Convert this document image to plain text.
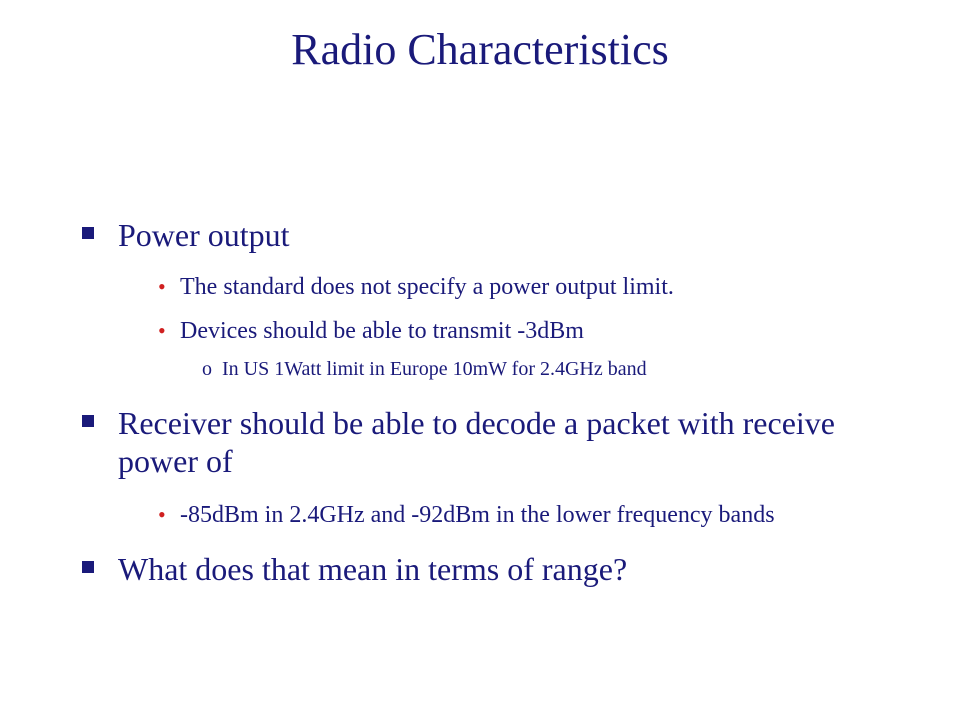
Radio Characteristics
Power output
• The standard does not specify a power output limit.
• Devices should be able to transmit -3dBm
o In US 1Watt limit in Europe 10mW for 2.4GHz band
Receiver should be able to decode a packet with receive power of
• -85dBm in 2.4GHz and -92dBm in the lower frequency bands
What does that mean in terms of range?
